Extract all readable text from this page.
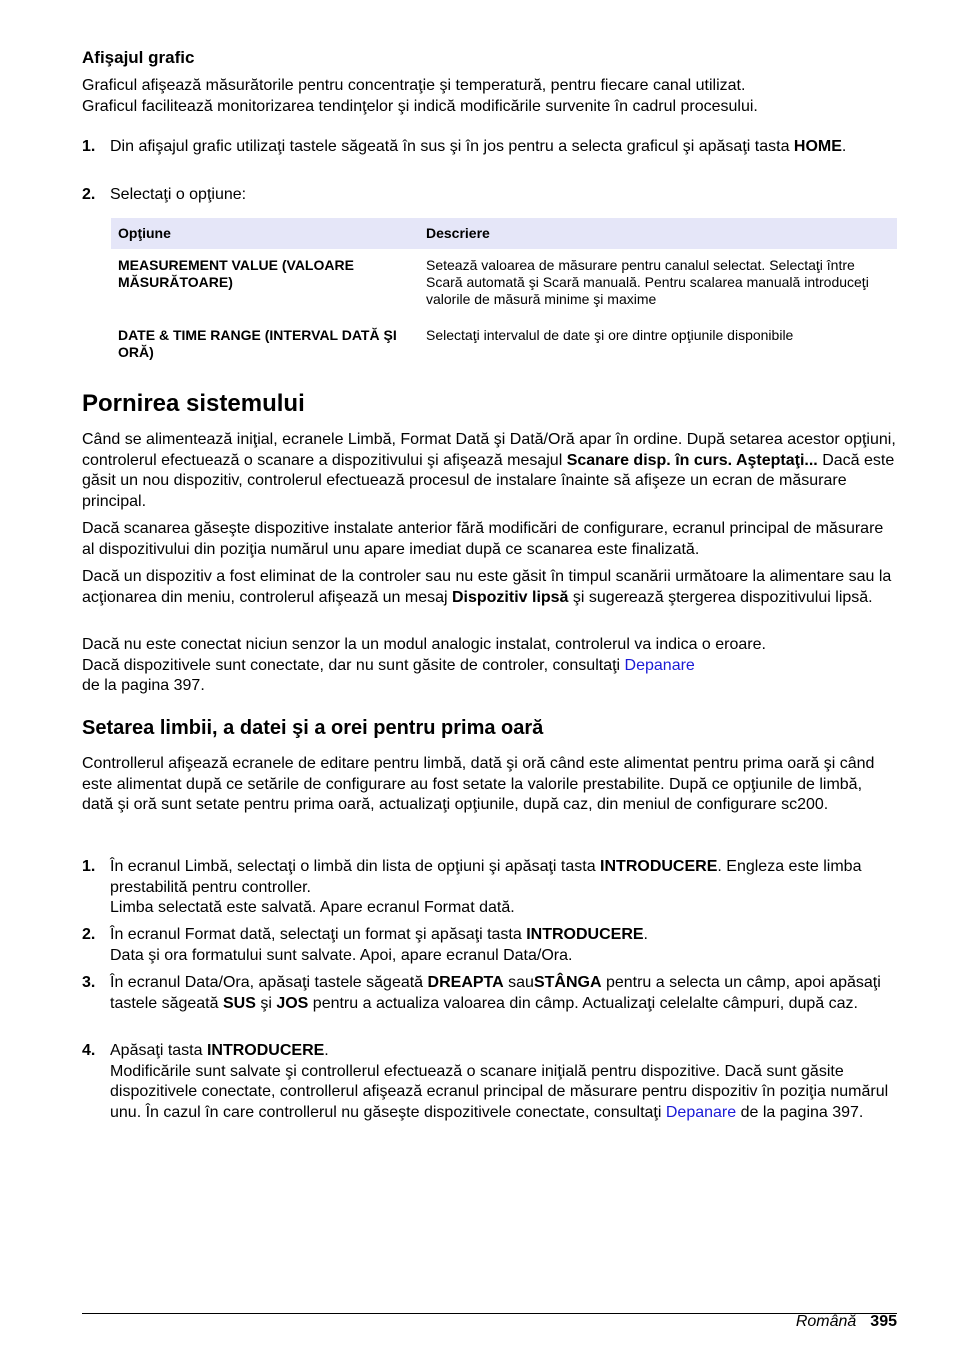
Afişajul grafic

Graficul afişează măsurătorile pentru concentraţie şi temperatură, pentru fiecare canal utilizat.

Graficul facilitează monitorizarea tendinţelor şi indică modificările survenite în cadrul procesului.

1. Din afişajul grafic utilizaţi tastele săgeată în sus şi în jos pentru a selecta graficul şi apăsaţi tasta HOME.
2. Selectaţi o opţiune:
Opţiune	Descriere
MEASUREMENT VALUE (VALOARE MĂSURĂTOARE)	Setează valoarea de măsurare pentru canalul selectat. Selectaţi între Scară automată şi Scară manuală. Pentru scalarea manuală introduceţi valorile de măsură minime şi maxime
DATE & TIME RANGE (INTERVAL DATĂ ŞI ORĂ)	Selectaţi intervalul de date şi ore dintre opţiunile disponibile
Pornirea sistemului

Când se alimentează iniţial, ecranele Limbă, Format Dată şi Dată/Oră apar în ordine. După setarea acestor opţiuni, controlerul efectuează o scanare a dispozitivului şi afişează mesajul Scanare disp. în curs. Aşteptaţi... Dacă este găsit un nou dispozitiv, controlerul efectuează procesul de instalare înainte să afişeze un ecran de măsurare principal.

Dacă scanarea găseşte dispozitive instalate anterior fără modificări de configurare, ecranul principal de măsurare al dispozitivului din poziţia numărul unu apare imediat după ce scanarea este finalizată.

Dacă un dispozitiv a fost eliminat de la controler sau nu este găsit în timpul scanării următoare la alimentare sau la acţionarea din meniu, controlerul afişează un mesaj Dispozitiv lipsă şi sugerează ştergerea dispozitivului lipsă.

Dacă nu este conectat niciun senzor la un modul analogic instalat, controlerul va indica o eroare.

Dacă dispozitivele sunt conectate, dar nu sunt găsite de controler, consultaţi Depanare

de la pagina 397.

Setarea limbii, a datei şi a orei pentru prima oară

Controllerul afişează ecranele de editare pentru limbă, dată şi oră când este alimentat pentru prima oară şi când este alimentat după ce setările de configurare au fost setate la valorile prestabilite. După ce opţiunile de limbă, dată şi oră sunt setate pentru prima oară, actualizaţi opţiunile, după caz, din meniul de configurare sc200.

1. În ecranul Limbă, selectaţi o limbă din lista de opţiuni şi apăsaţi tasta INTRODUCERE. Engleza este limba prestabilită pentru controller.

Limba selectată este salvată. Apare ecranul Format dată.

2. În ecranul Format dată, selectaţi un format şi apăsaţi tasta INTRODUCERE.

Data şi ora formatului sunt salvate. Apoi, apare ecranul Data/Ora.

3. În ecranul Data/Ora, apăsaţi tastele săgeată DREAPTA sauSTÂNGA pentru a selecta un câmp, apoi apăsaţi tastele săgeată SUS şi JOS pentru a actualiza valoarea din câmp. Actualizaţi celelalte câmpuri, după caz.

4. Apăsaţi tasta INTRODUCERE.

Modificările sunt salvate şi controllerul efectuează o scanare iniţială pentru dispozitive. Dacă sunt găsite dispozitivele conectate, controllerul afişează ecranul principal de măsurare pentru dispozitiv în poziţia numărul unu. În cazul în care controllerul nu găseşte dispozitivele conectate, consultaţi Depanare de la pagina 397.

Română 395
